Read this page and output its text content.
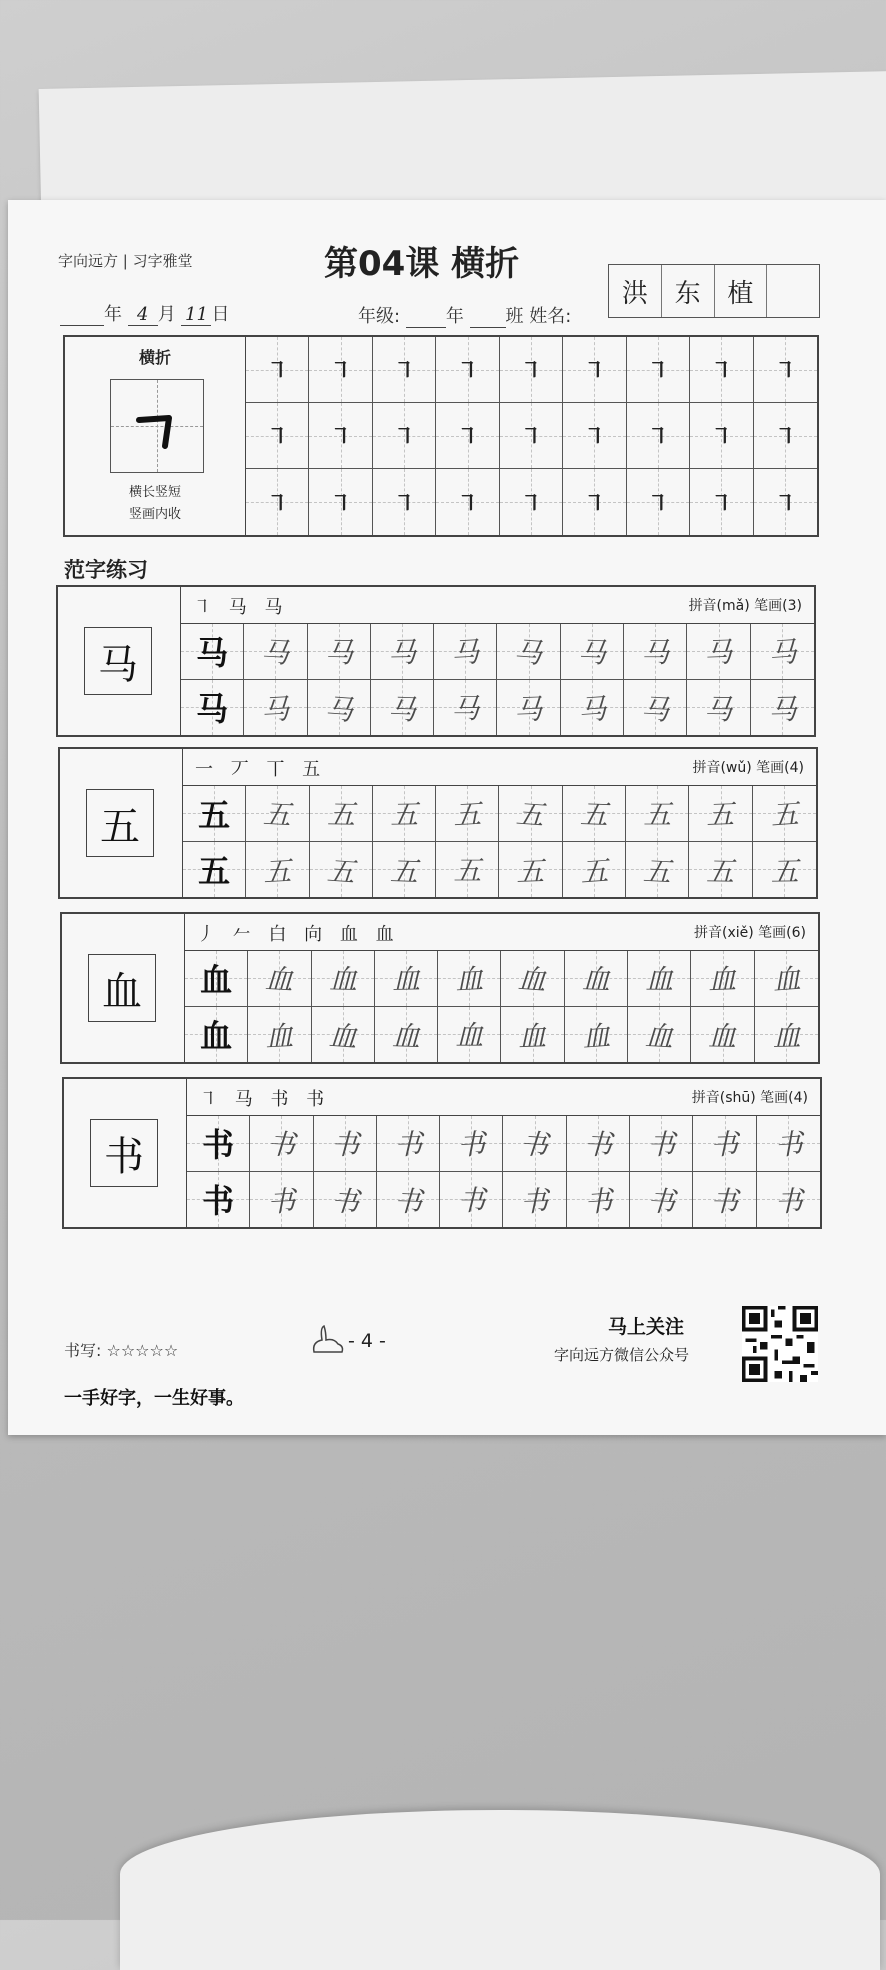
字向远方 | 习字雅堂	第04课 横折
年 4 月 11 日	年级:	年 班 姓名:
洪	东	植
横折
横长竖短
竖画内收
㇕	㇕	㇕	㇕	㇕	㇕	㇕	㇕	㇕
㇕	㇕	㇕	㇕	㇕	㇕	㇕	㇕	㇕
㇕	㇕	㇕	㇕	㇕	㇕	㇕	㇕	㇕
范字练习
马
㇕ 马 马	拼音(mǎ) 笔画(3)
马	马	马	马	马	马	马	马	马	马
马	马	马	马	马	马	马	马	马	马
五
一 丆 丅 五	拼音(wǔ) 笔画(4)
五	五	五	五	五	五	五	五	五	五
五	五	五	五	五	五	五	五	五	五
血
丿 𠂉 白 向 血 血	拼音(xiě) 笔画(6)
血	血	血	血	血	血	血	血	血	血
血	血	血	血	血	血	血	血	血	血
书
㇕ 马 书 书	拼音(shū) 笔画(4)
书	书	书	书	书	书	书	书	书	书
书	书	书	书	书	书	书	书	书	书
书写: ☆☆☆☆☆
一手好字，一生好事。
- 4 -
马上关注
字向远方微信公众号
